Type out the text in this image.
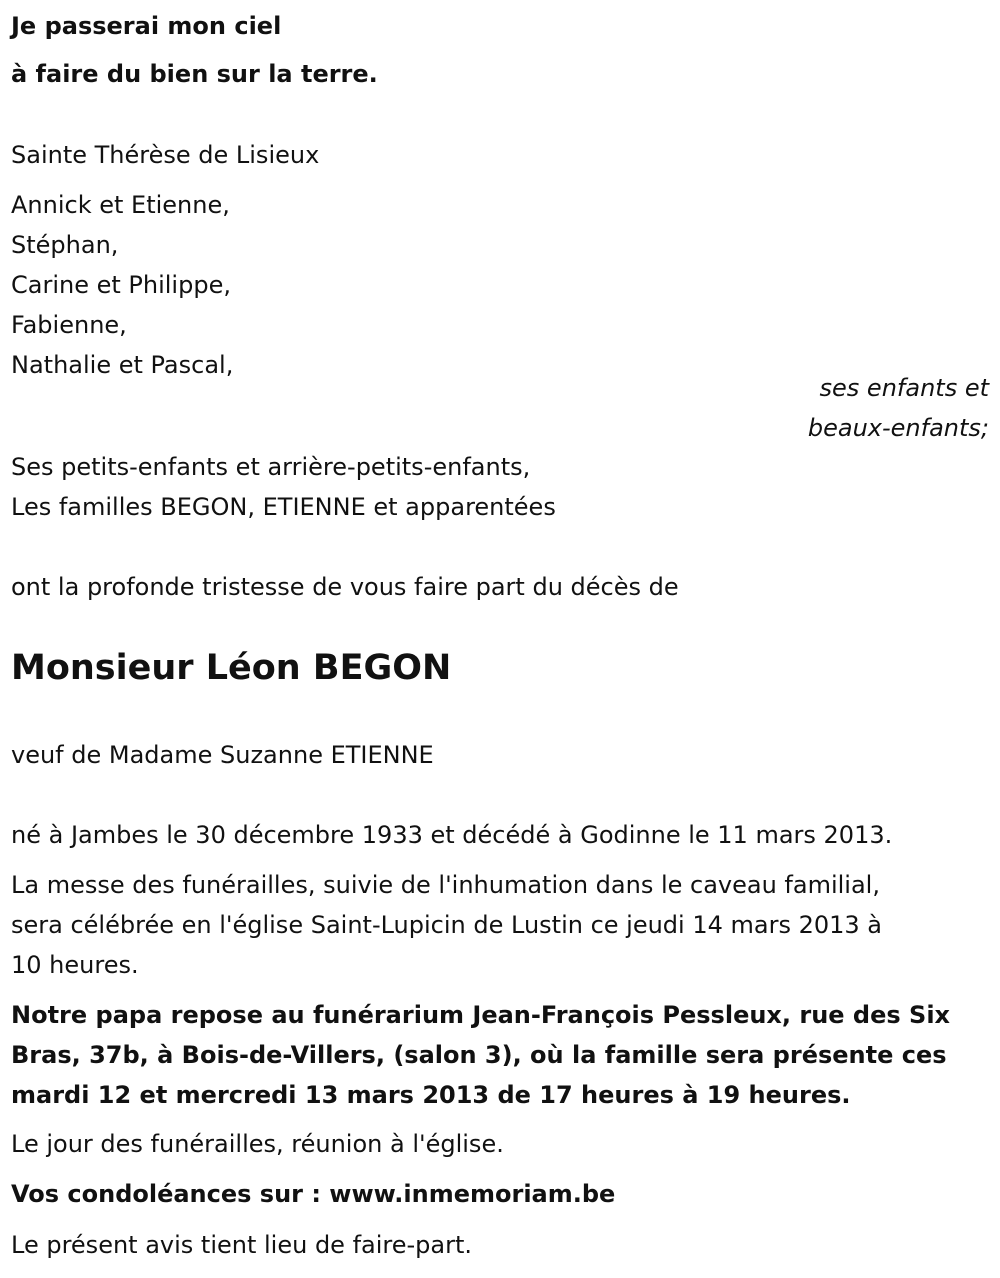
Je passerai mon ciel
à faire du bien sur la terre.
Sainte Thérèse de Lisieux
Annick et Etienne,
Stéphan,
Carine et Philippe,
Fabienne,
Nathalie et Pascal,
ses enfants et
beaux-enfants;
Ses petits-enfants et arrière-petits-enfants,
Les familles BEGON, ETIENNE et apparentées
ont la profonde tristesse de vous faire part du décès de
Monsieur Léon BEGON
veuf de Madame Suzanne ETIENNE
né à Jambes le 30 décembre 1933 et décédé à Godinne le 11 mars 2013.
La messe des funérailles, suivie de l'inhumation dans le caveau familial,
sera célébrée en l'église Saint-Lupicin de Lustin ce jeudi 14 mars 2013 à
10 heures.
Notre papa repose au funérarium Jean-François Pessleux, rue des Six
Bras, 37b, à Bois-de-Villers, (salon 3), où la famille sera présente ces
mardi 12 et mercredi 13 mars 2013 de 17 heures à 19 heures.
Le jour des funérailles, réunion à l'église.
Vos condoléances sur : www.inmemoriam.be
Le présent avis tient lieu de faire-part.
